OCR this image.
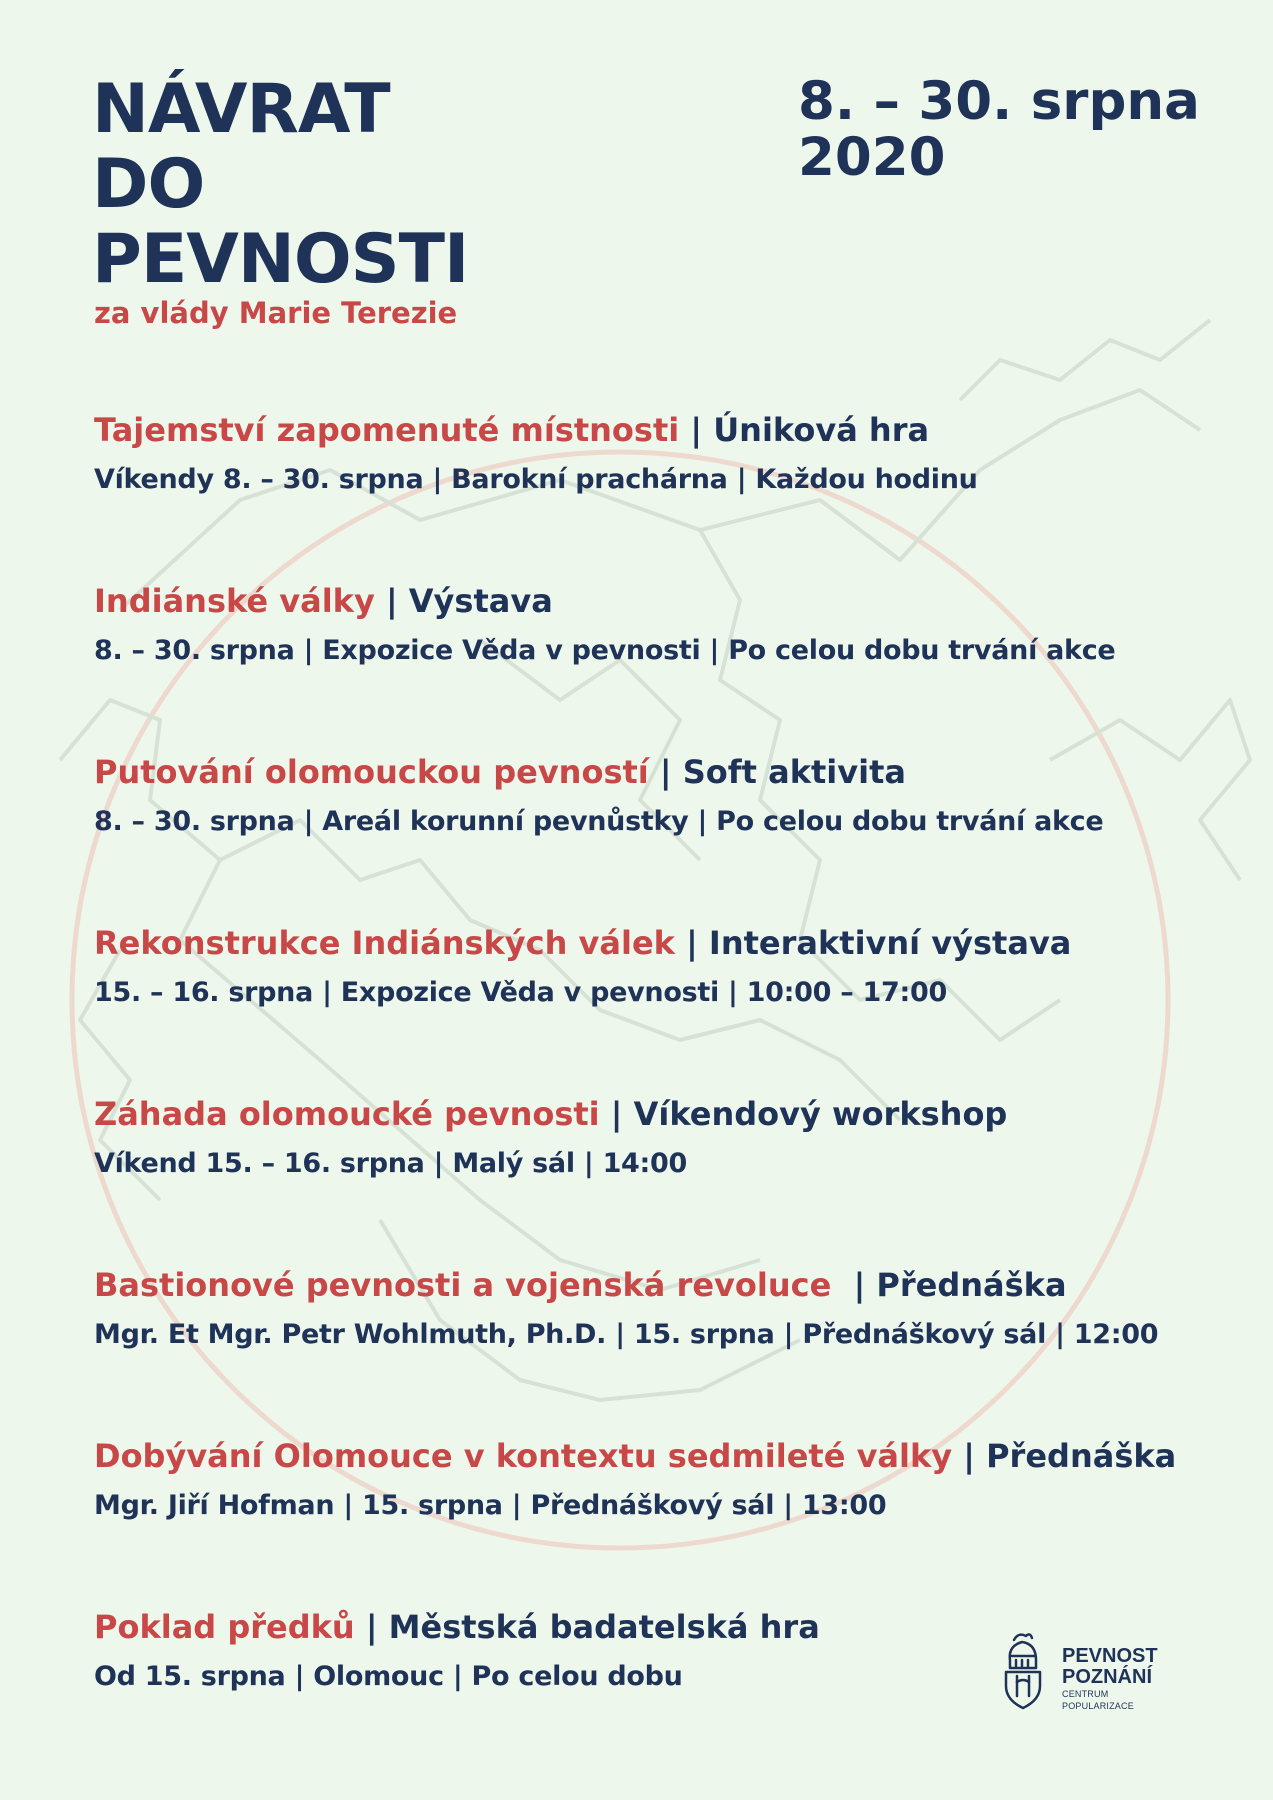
NÁVRAT
DO
PEVNOSTI
za vlády Marie Terezie
8. – 30. srpna
2020
Tajemství zapomenuté místnosti | Úniková hra
Víkendy 8. – 30. srpna | Barokní prachárna | Každou hodinu
Indiánské války | Výstava
8. – 30. srpna | Expozice Věda v pevnosti | Po celou dobu trvání akce
Putování olomouckou pevností | Soft aktivita
8. – 30. srpna | Areál korunní pevnůstky | Po celou dobu trvání akce
Rekonstrukce Indiánských válek | Interaktivní výstava
15. – 16. srpna | Expozice Věda v pevnosti | 10:00 – 17:00
Záhada olomoucké pevnosti | Víkendový workshop
Víkend 15. – 16. srpna | Malý sál | 14:00
Bastionové pevnosti a vojenská revoluce  | Přednáška
Mgr. Et Mgr. Petr Wohlmuth, Ph.D. | 15. srpna | Přednáškový sál | 12:00
Dobývání Olomouce v kontextu sedmileté války | Přednáška
Mgr. Jiří Hofman | 15. srpna | Přednáškový sál | 13:00
Poklad předků | Městská badatelská hra
Od 15. srpna | Olomouc | Po celou dobu
PEVNOST
POZNÁNÍ
CENTRUM POPULARIZACE
